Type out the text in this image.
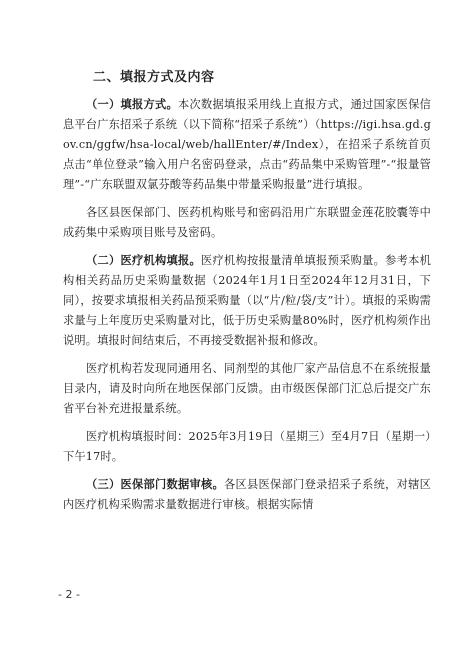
二、填报方式及内容

（一）填报方式。本次数据填报采用线上直报方式，通过国家医保信息平台广东招采子系统（以下简称“招采子系统”）（https://igi.hsa.gd.gov.cn/ggfw/hsa-local/web/hallEnter/#/Index），在招采子系统首页点击“单位登录”输入用户名密码登录，点击“药品集中采购管理”-“报量管理”-“广东联盟双氯芬酸等药品集中带量采购报量”进行填报。

各区县医保部门、医药机构账号和密码沿用广东联盟金莲花胶囊等中成药集中采购项目账号及密码。

（二）医疗机构填报。医疗机构按报量清单填报预采购量。参考本机构相关药品历史采购量数据（2024年1月1日至2024年12月31日，下同），按要求填报相关药品预采购量（以“片/粒/袋/支”计）。填报的采购需求量与上年度历史采购量对比，低于历史采购量80%时，医疗机构须作出说明。填报时间结束后，不再接受数据补报和修改。

医疗机构若发现同通用名、同剂型的其他厂家产品信息不在系统报量目录内，请及时向所在地医保部门反馈。由市级医保部门汇总后提交广东省平台补充进报量系统。

医疗机构填报时间：2025年3月19日（星期三）至4月7日（星期一）下午17时。

（三）医保部门数据审核。各区县医保部门登录招采子系统，对辖区内医疗机构采购需求量数据进行审核。根据实际情

- 2 -
